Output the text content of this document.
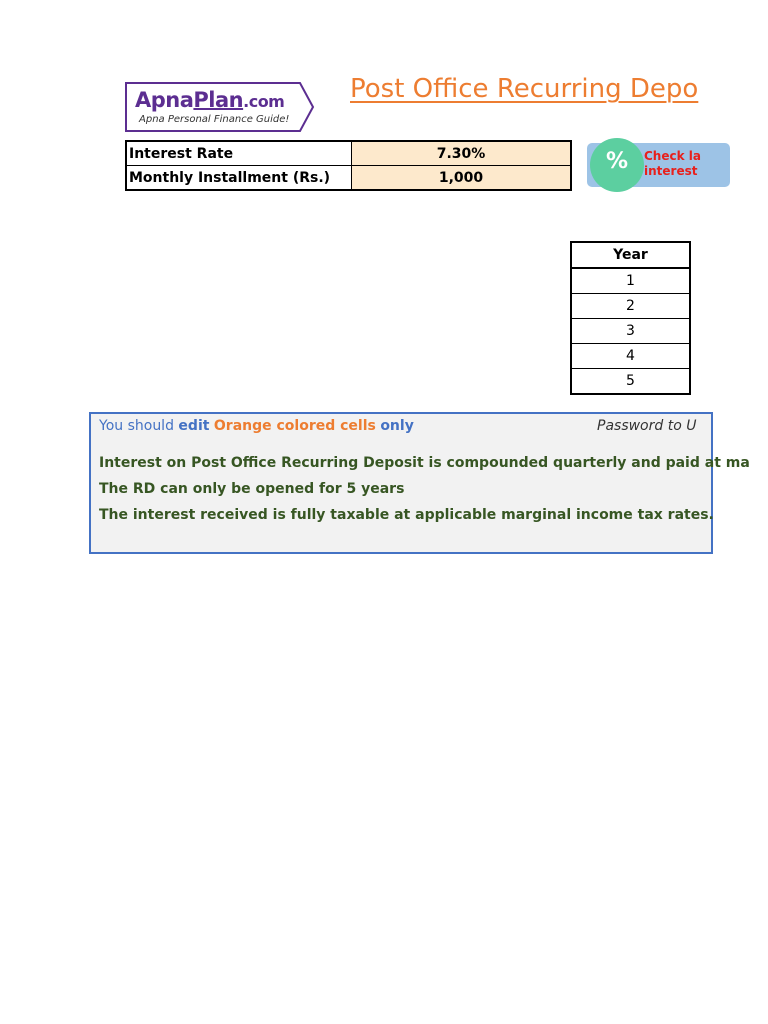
ApnaPlan.com
Apna Personal Finance Guide!
Post Office Recurring Depo
Interest Rate	7.30%
Monthly Installment (Rs.)	1,000
%	Check la
interest
Year
1
2
3
4
5
You should edit Orange colored cells only	Password to U
Interest on Post Office Recurring Deposit is compounded quarterly and paid at ma
The RD can only be opened for 5 years
The interest received is fully taxable at applicable marginal income tax rates.
